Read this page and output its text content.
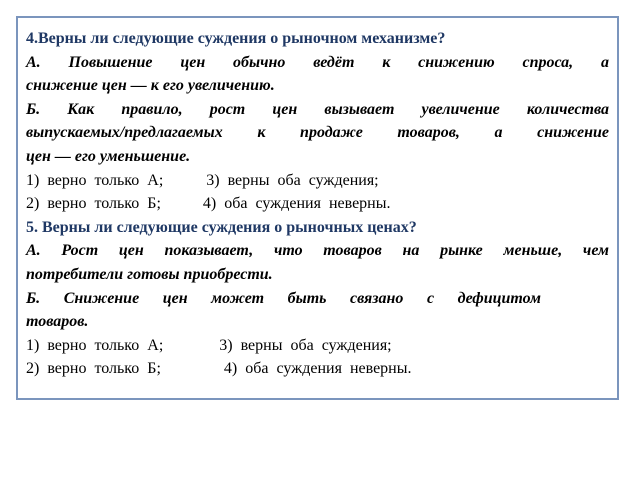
4.Верны ли следующие суждения о рыночном механизме?
А. Повышение цен обычно ведёт к снижению спроса, а
снижение цен — к его увеличению.
Б. Как правило, рост цен вызывает увеличение количества
выпускаемых/предлагаемых к продаже товаров, а снижение
цен — его уменьшение.
1)  верно  только  А;	3)  верны  оба  суждения;
2)  верно  только  Б;	4)  оба  суждения  неверны.
5. Верны ли следующие суждения о рыночных ценах?
А. Рост цен показывает, что товаров на рынке меньше, чем
потребители готовы приобрести.
Б. Снижение цен может быть связано с дефицитом
товаров.
1)  верно  только  А;	3)  верны  оба  суждения;
2)  верно  только  Б;	4)  оба  суждения  неверны.
